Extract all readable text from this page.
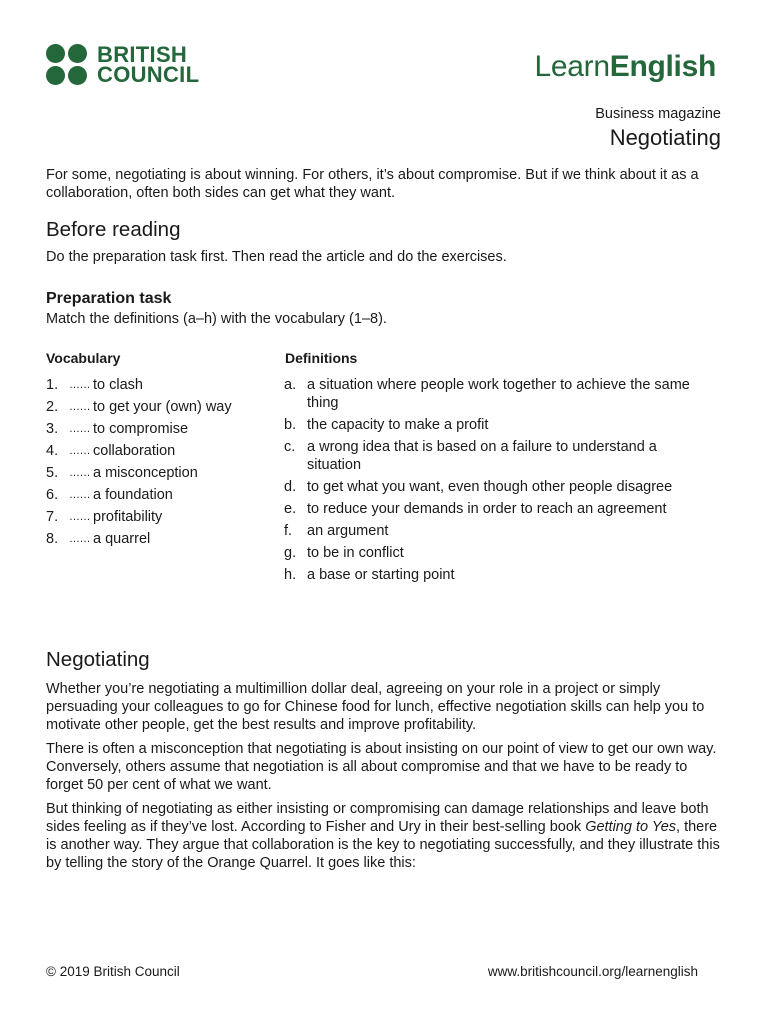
BRITISH
COUNCIL	LearnEnglish
Business magazine
Negotiating
For some, negotiating is about winning. For others, it’s about compromise. But if we think about it as a collaboration, often both sides can get what they want.
Before reading
Do the preparation task first. Then read the article and do the exercises.
Preparation task
Match the definitions (a–h) with the vocabulary (1–8).
Vocabulary	Definitions
1. …… to clash
2. …… to get your (own) way
3. …… to compromise
4. …… collaboration
5. …… a misconception
6. …… a foundation
7. …… profitability
8. …… a quarrel
a. a situation where people work together to achieve the same thing
b. the capacity to make a profit
c. a wrong idea that is based on a failure to understand a situation
d. to get what you want, even though other people disagree
e. to reduce your demands in order to reach an agreement
f.	an argument
g. to be in conflict
h. a base or starting point
Negotiating

Whether you’re negotiating a multimillion dollar deal, agreeing on your role in a project or simply persuading your colleagues to go for Chinese food for lunch, effective negotiation skills can help you to motivate other people, get the best results and improve profitability.

There is often a misconception that negotiating is about insisting on our point of view to get our own way. Conversely, others assume that negotiation is all about compromise and that we have to be ready to forget 50 per cent of what we want.

But thinking of negotiating as either insisting or compromising can damage relationships and leave both sides feeling as if they’ve lost. According to Fisher and Ury in their best-selling book Getting to Yes, there is another way. They argue that collaboration is the key to negotiating successfully, and they illustrate this by telling the story of the Orange Quarrel. It goes like this:

© 2019 British Council	www.britishcouncil.org/learnenglish
